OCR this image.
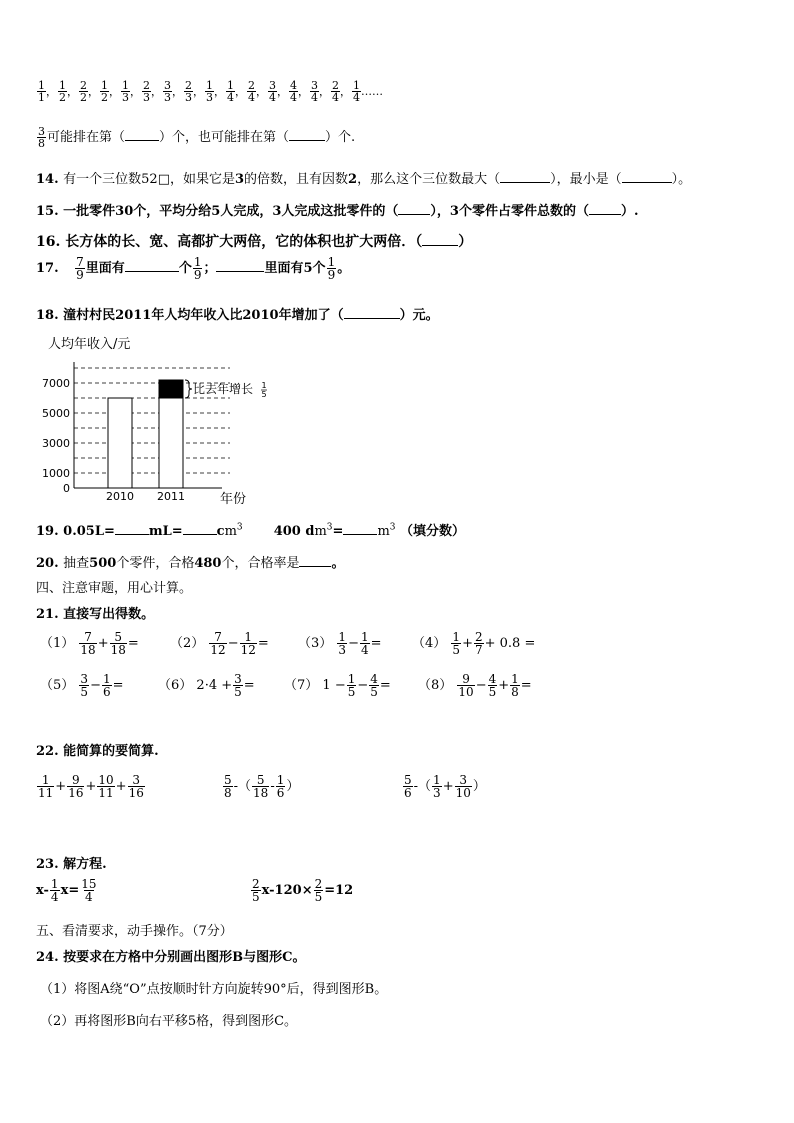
$\frac{1}{1}$ ， $\frac{1}{2}$ ， $\frac{2}{2}$ ， $\frac{1}{2}$ ， $\frac{1}{3}$ ， $\frac{2}{3}$ ， $\frac{3}{3}$ ， $\frac{2}{3}$ ， $\frac{1}{3}$ ， $\frac{1}{4}$ ， $\frac{2}{4}$ ， $\frac{3}{4}$ ， $\frac{4}{4}$ ， $\frac{3}{4}$ ， $\frac{2}{4}$ ， $\frac{1}{4}$ ……
$\frac{3}{8}$ 可能排在第（	）个，也可能排在第（	）个.
14. 有一个三位数52□，如果它是3的倍数，且有因数2，那么这个三位数最大（	），最小是（	）。
15. 一批零件30个，平均分给5人完成，3人完成这批零件的（ ），3个零件占零件总数的（ ）.
16. 长方体的长、宽、高都扩大两倍，它的体积也扩大两倍．（	）
17. $\frac{7}{9}$ 里面有	个 $\frac{1}{9}$ ；	里面有5个 $\frac{1}{9}$ 。
18. 潼村村民2011年人均年收入比2010年增加了（	）元。
人均年收入/元
年份
0
1000
3000
5000
7000
2010 2011
比去年增长 1
5
19. 0.05L=	mL=	$cm^3$ 400 $dm^3=$	$m^3$ （填分数）
20. 抽查500个零件，合格480个，合格率是 。
四、注意审题，用心计算。
21. 直接写出得数。
$(1) \frac{7}{18} + \frac{5}{18} = (2) \frac{7}{12} - \frac{1}{12} = (3) \frac{1}{3} - \frac{1}{4} = (4) \frac{1}{5} + \frac{2}{7} + 0.8$ =
$(5) \frac{3}{5} - \frac{1}{6}$ =	（6） $2\cdot 4 + \frac{3}{5} = (7) 1 - \frac{1}{5} - \frac{4}{5} = (8) \frac{9}{10} - \frac{4}{5} + \frac{1}{8}$ =
22. 能简算的要简算.
$\frac{1}{11} + \frac{9}{16} + \frac{10}{11} + \frac{3}{16}$	$\frac{5}{8}$ -（ $\frac{5}{18} - \frac{1}{6}$ ）	$\frac{5}{6}$ -（ $\frac{1}{3} + \frac{3}{10}$ ）
23. 解方程.
$x- \frac{1}{4} x= \frac{15}{4}$	$\frac{2}{5} x-120\times \frac{2}{5} =12$
五、看清要求，动手操作。（7分）
24. 按要求在方格中分别画出图形B与图形C。
（1）将图A绕“O”点按顺时针方向旋转90°后，得到图形B。
（2）再将图形B向右平移5格，得到图形C。
